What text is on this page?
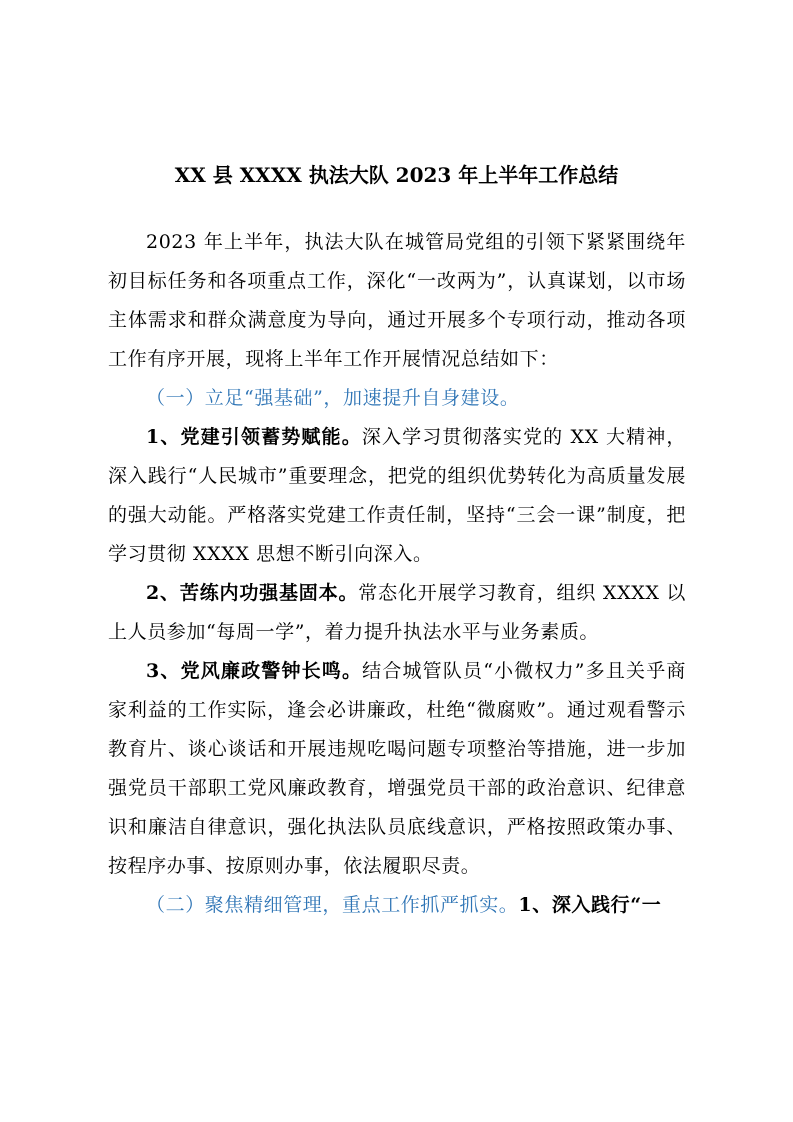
XX 县 XXXX 执法大队 2023 年上半年工作总结

2023 年上半年，执法大队在城管局党组的引领下紧紧围绕年初目标任务和各项重点工作，深化“一改两为”，认真谋划，以市场主体需求和群众满意度为导向，通过开展多个专项行动，推动各项工作有序开展，现将上半年工作开展情况总结如下：

（一）立足“强基础”，加速提升自身建设。

1、党建引领蓄势赋能。深入学习贯彻落实党的 XX 大精神，深入践行“人民城市”重要理念，把党的组织优势转化为高质量发展的强大动能。严格落实党建工作责任制，坚持“三会一课”制度，把学习贯彻 XXXX 思想不断引向深入。

2、苦练内功强基固本。常态化开展学习教育，组织 XXXX 以上人员参加“每周一学”，着力提升执法水平与业务素质。

3、党风廉政警钟长鸣。结合城管队员“小微权力”多且关乎商家利益的工作实际，逢会必讲廉政，杜绝“微腐败”。通过观看警示教育片、谈心谈话和开展违规吃喝问题专项整治等措施，进一步加强党员干部职工党风廉政教育，增强党员干部的政治意识、纪律意识和廉洁自律意识，强化执法队员底线意识，严格按照政策办事、按程序办事、按原则办事，依法履职尽责。

（二）聚焦精细管理，重点工作抓严抓实。1、深入践行“一
